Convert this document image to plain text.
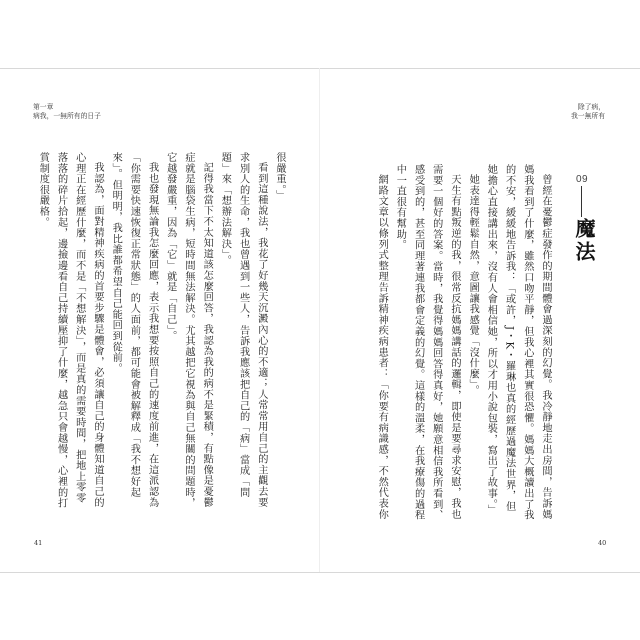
第一章
病我，一無所有的日子

很嚴重。」

看到這種說法，我花了好幾天沉澱內心的不適；人常常用自己的主觀去要求別人的生命，我也曾遇到一些人，告訴我應該把自己的「病」當成「問題」來「想辦法解決」。

記得我當下不太知道該怎麼回答，我認為我的病不是緊積，有點像是憂鬱症就是腦袋生病，短時間無法解決。尤其越把它視為與自己無關的問題時，它越發嚴重，因為「它」就是「自己」。

我也發現無論我怎麼回應，表示我想要按照自己的速度前進，在這派認為「你需要快速恢復正常狀態」的人面前，都可能會被解釋成「我不想好起來」。但明明，我比誰都希望自己能回到從前。

我認為，面對精神疾病的首要步驟是體會，必須讓自己的身體知道自己的心理正在經歷什麼，而不是「不想解決」，而是真的需要時間，把地上零零落落的碎片拾起，邊撿邊看自己持續壓抑了什麼，越急只會越慢，心裡的打賞制度很嚴格。

41
除了病，
我一無所有
09
魔法

曾經在憂鬱症發作的期間體會過深刻的幻覺。我冷靜地走出房間，告訴媽媽我看到了什麼，雖然口吻平靜，但我心裡其實很恐懼。媽媽大概讀出了我的不安，緩緩地告訴我：「或許，J・K・羅琳也真的經歷過魔法世界，但她擔心直接講出來，沒有人會相信她，所以才用小說包裝，寫出了故事。」

她表達得輕鬆自然，意圖讓我感覺「沒什麼」。

天生有點叛逆的我，很常反抗媽媽講話的邏輯，即使是要尋求安慰，我也需要一個好的答案。當時，我覺得媽媽回答得真好，她願意相信我所看到、感受到的，甚至同理著連我都會定義的幻覺。這樣的溫柔，在我療傷的過程中一直很有幫助。

網路文章以條列式整理告訴精神疾病患者：「你要有病識感，不然代表你

40
